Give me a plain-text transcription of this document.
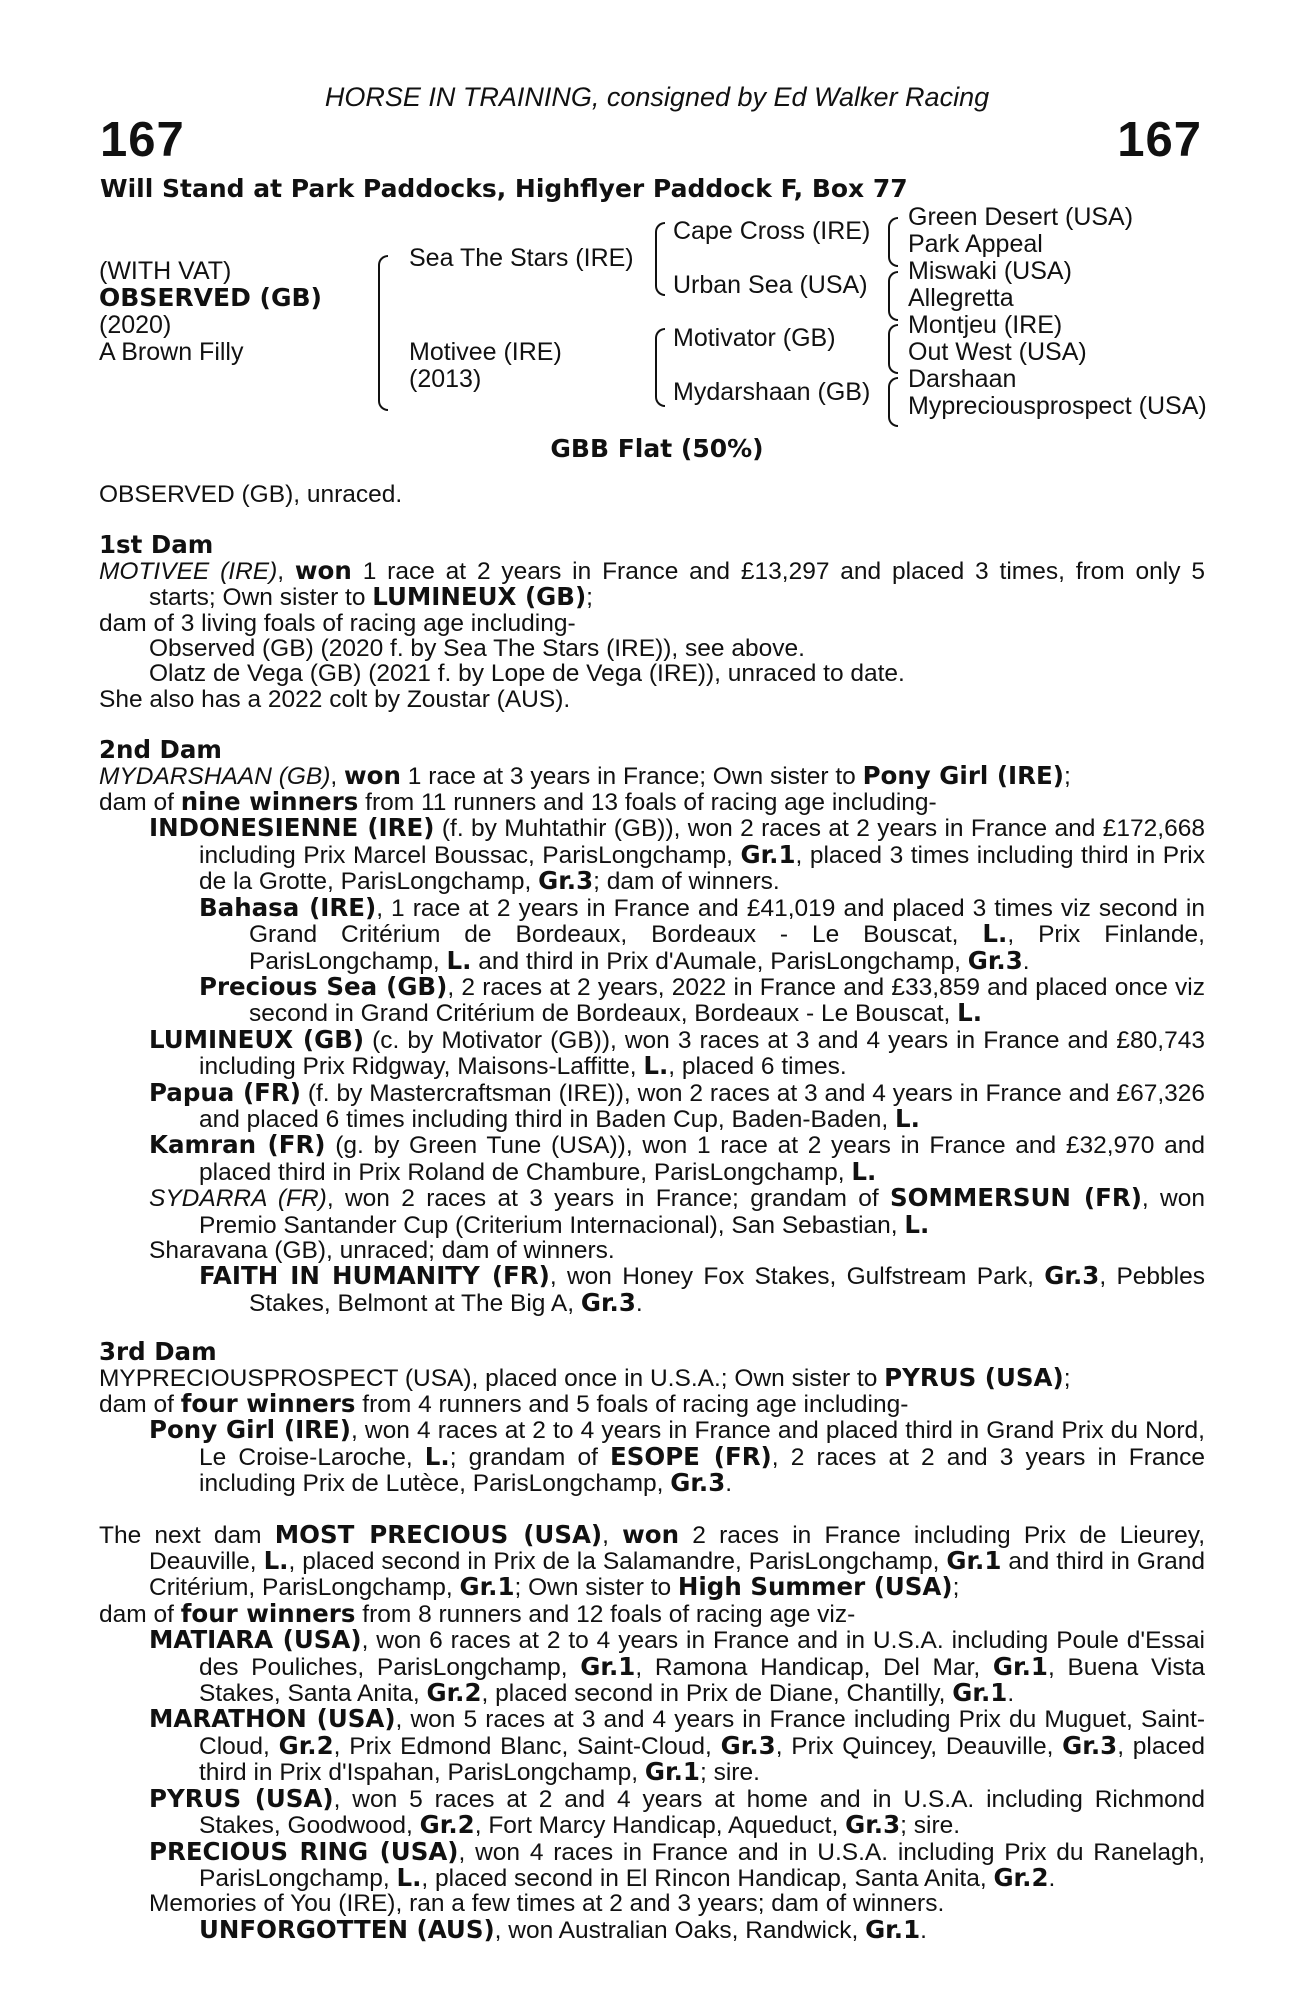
HORSE IN TRAINING, consigned by Ed Walker Racing
167	167
Will Stand at Park Paddocks, Highflyer Paddock F, Box 77
(WITH VAT)
OBSERVED (GB)
(2020)
A Brown Filly
Sea The Stars (IRE)
Motivee (IRE)
(2013)
Cape Cross (IRE)
Urban Sea (USA)
Motivator (GB)
Mydarshaan (GB)
Green Desert (USA)
Park Appeal
Miswaki (USA)
Allegretta
Montjeu (IRE)
Out West (USA)
Darshaan
Mypreciousprospect (USA)
GBB Flat (50%)

OBSERVED (GB), unraced.

1st Dam

MOTIVEE (IRE), won 1 race at 2 years in France and £13,297 and placed 3 times, from only 5 starts; Own sister to LUMINEUX (GB);

dam of 3 living foals of racing age including-

Observed (GB) (2020 f. by Sea The Stars (IRE)), see above.

Olatz de Vega (GB) (2021 f. by Lope de Vega (IRE)), unraced to date.

She also has a 2022 colt by Zoustar (AUS).

2nd Dam

MYDARSHAAN (GB), won 1 race at 3 years in France; Own sister to Pony Girl (IRE);

dam of nine winners from 11 runners and 13 foals of racing age including-

INDONESIENNE (IRE) (f. by Muhtathir (GB)), won 2 races at 2 years in France and £172,668 including Prix Marcel Boussac, ParisLongchamp, Gr.1, placed 3 times including third in Prix de la Grotte, ParisLongchamp, Gr.3; dam of winners.

Bahasa (IRE), 1 race at 2 years in France and £41,019 and placed 3 times viz second in Grand Critérium de Bordeaux, Bordeaux - Le Bouscat, L., Prix Finlande, ParisLongchamp, L. and third in Prix d'Aumale, ParisLongchamp, Gr.3.

Precious Sea (GB), 2 races at 2 years, 2022 in France and £33,859 and placed once viz second in Grand Critérium de Bordeaux, Bordeaux - Le Bouscat, L.

LUMINEUX (GB) (c. by Motivator (GB)), won 3 races at 3 and 4 years in France and £80,743 including Prix Ridgway, Maisons-Laffitte, L., placed 6 times.

Papua (FR) (f. by Mastercraftsman (IRE)), won 2 races at 3 and 4 years in France and £67,326 and placed 6 times including third in Baden Cup, Baden-Baden, L.

Kamran (FR) (g. by Green Tune (USA)), won 1 race at 2 years in France and £32,970 and placed third in Prix Roland de Chambure, ParisLongchamp, L.

SYDARRA (FR), won 2 races at 3 years in France; grandam of SOMMERSUN (FR), won Premio Santander Cup (Criterium Internacional), San Sebastian, L.

Sharavana (GB), unraced; dam of winners.

FAITH IN HUMANITY (FR), won Honey Fox Stakes, Gulfstream Park, Gr.3, Pebbles Stakes, Belmont at The Big A, Gr.3.

3rd Dam

MYPRECIOUSPROSPECT (USA), placed once in U.S.A.; Own sister to PYRUS (USA);

dam of four winners from 4 runners and 5 foals of racing age including-

Pony Girl (IRE), won 4 races at 2 to 4 years in France and placed third in Grand Prix du Nord, Le Croise-Laroche, L.; grandam of ESOPE (FR), 2 races at 2 and 3 years in France including Prix de Lutèce, ParisLongchamp, Gr.3.

The next dam MOST PRECIOUS (USA), won 2 races in France including Prix de Lieurey, Deauville, L., placed second in Prix de la Salamandre, ParisLongchamp, Gr.1 and third in Grand Critérium, ParisLongchamp, Gr.1; Own sister to High Summer (USA);

dam of four winners from 8 runners and 12 foals of racing age viz-

MATIARA (USA), won 6 races at 2 to 4 years in France and in U.S.A. including Poule d'Essai des Pouliches, ParisLongchamp, Gr.1, Ramona Handicap, Del Mar, Gr.1, Buena Vista Stakes, Santa Anita, Gr.2, placed second in Prix de Diane, Chantilly, Gr.1.

MARATHON (USA), won 5 races at 3 and 4 years in France including Prix du Muguet, Saint-Cloud, Gr.2, Prix Edmond Blanc, Saint-Cloud, Gr.3, Prix Quincey, Deauville, Gr.3, placed third in Prix d'Ispahan, ParisLongchamp, Gr.1; sire.

PYRUS (USA), won 5 races at 2 and 4 years at home and in U.S.A. including Richmond Stakes, Goodwood, Gr.2, Fort Marcy Handicap, Aqueduct, Gr.3; sire.

PRECIOUS RING (USA), won 4 races in France and in U.S.A. including Prix du Ranelagh, ParisLongchamp, L., placed second in El Rincon Handicap, Santa Anita, Gr.2.

Memories of You (IRE), ran a few times at 2 and 3 years; dam of winners.

UNFORGOTTEN (AUS), won Australian Oaks, Randwick, Gr.1.
